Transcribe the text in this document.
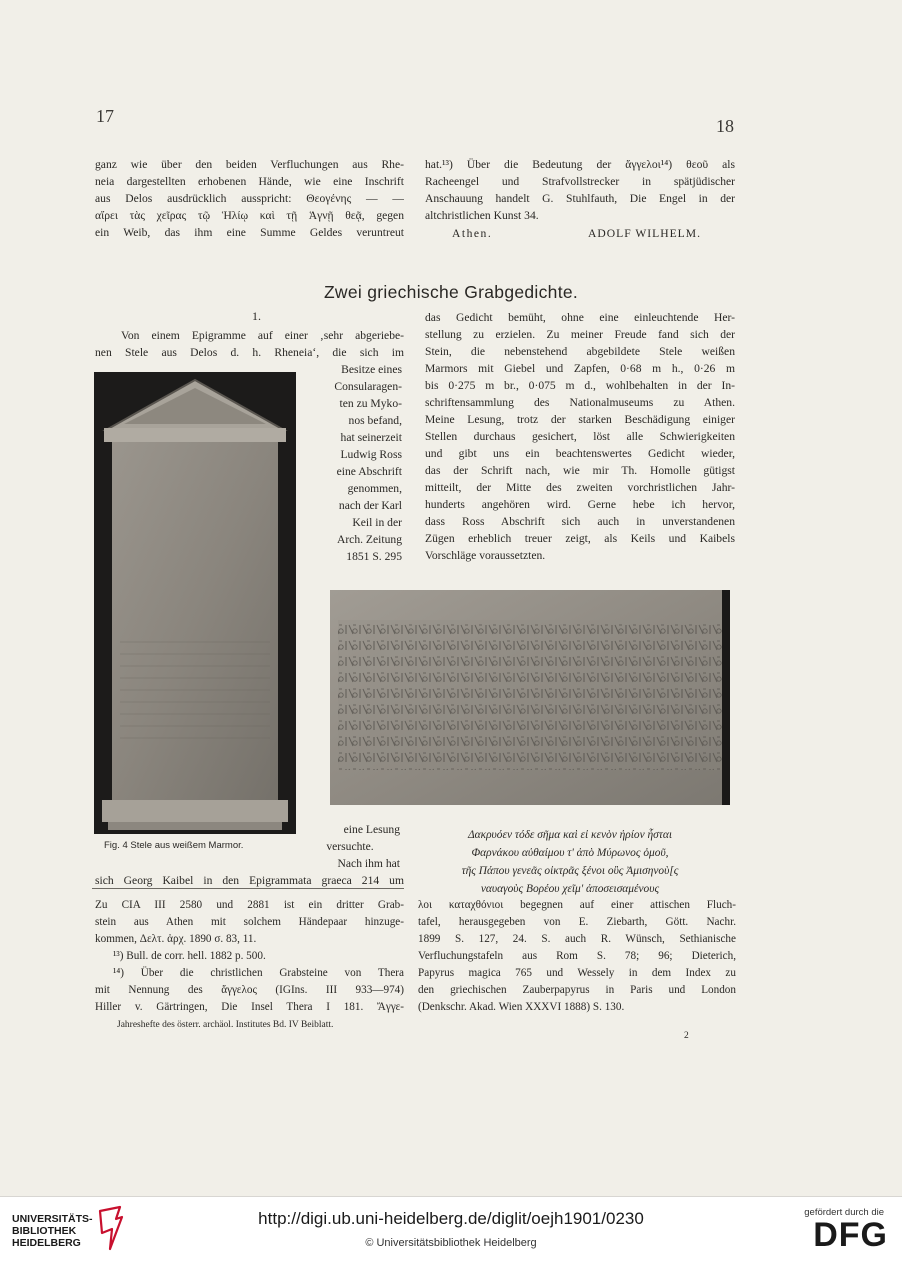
17	18
ganz wie über den beiden Verfluchungen aus Rhe-
neia dargestellten erhobenen Hände, wie eine Inschrift
aus Delos ausdrücklich ausspricht: Θεογένης — —
αἴρει τὰς χεῖρας τῷ Ἡλίῳ καὶ τῇ Ἁγνῇ θεᾷ, gegen
ein Weib, das ihm eine Summe Geldes veruntreut
hat.¹³) Über die Bedeutung der ἄγγελοι¹⁴) θεοῦ als
Racheengel und Strafvollstrecker in spätjüdischer
Anschauung handelt G. Stuhlfauth, Die Engel in der
altchristlichen Kunst 34.
Athen.	ADOLF WILHELM.
Zwei griechische Grabgedichte.
1.
Von einem Epigramme auf einer ‚sehr abgeriebe-
nen Stele aus Delos d. h. Rheneia‘, die sich im
Besitze eines
Consularagen-
ten zu Myko-
nos befand,
hat seinerzeit
Ludwig Ross
eine Abschrift
genommen,
nach der Karl
Keil in der
Arch. Zeitung
1851 S. 295
eine Lesung
versuchte.
Nach ihm hat
Fig. 4 Stele aus weißem Marmor.
sich Georg Kaibel in den Epigrammata graeca 214 um
das Gedicht bemüht, ohne eine einleuchtende Her-
stellung zu erzielen. Zu meiner Freude fand sich der
Stein, die nebenstehend abgebildete Stele weißen
Marmors mit Giebel und Zapfen, 0·68 m h., 0·26 m
bis 0·275 m br., 0·075 m d., wohlbehalten in der In-
schriftensammlung des Nationalmuseums zu Athen.
Meine Lesung, trotz der starken Beschädigung einiger
Stellen durchaus gesichert, löst alle Schwierigkeiten
und gibt uns ein beachtenswertes Gedicht wieder,
das der Schrift nach, wie mir Th. Homolle gütigst
mitteilt, der Mitte des zweiten vorchristlichen Jahr-
hunderts angehören wird. Gerne hebe ich hervor,
dass Ross Abschrift sich auch in unverstandenen
Zügen erheblich treuer zeigt, als Keils und Kaibels
Vorschläge voraussetzten.
Δακρυόεν τόδε σῆμα καὶ εἰ κενὸν ἠρίον ἧσται
Φαρνάκου αὐθαίμου τ' ἀπὸ Μύρωνος ὁμοῦ,
τῆς Πάπου γενεᾶς οἰκτρᾶς ξένοι οὓς Ἀμισηνοὺ[ς
ναυαγοὺς Βορέου χεῖμ' ἀποσεισαμένους
Zu CIA III 2580 und 2881 ist ein dritter Grab-
stein aus Athen mit solchem Händepaar hinzuge-
kommen, Δελτ. ἀρχ. 1890 σ. 83, 11.
¹³) Bull. de corr. hell. 1882 p. 500.
¹⁴) Über die christlichen Grabsteine von Thera
mit Nennung des ἄγγελος (IGIns. III 933—974)
Hiller v. Gärtringen, Die Insel Thera I 181. Ἄγγε-
Jahreshefte des österr. archäol. Institutes Bd. IV Beiblatt.
λοι καταχθόνιοι begegnen auf einer attischen Fluch-
tafel, herausgegeben von E. Ziebarth, Gött. Nachr.
1899 S. 127, 24. S. auch R. Wünsch, Sethianische
Verfluchungstafeln aus Rom S. 78; 96; Dieterich,
Papyrus magica 765 und Wessely in dem Index zu
den griechischen Zauberpapyrus in Paris und London
(Denkschr. Akad. Wien XXXVI 1888) S. 130.
2
UNIVERSITÄTS-
BIBLIOTHEK
HEIDELBERG
http://digi.ub.uni-heidelberg.de/diglit/oejh1901/0230
© Universitätsbibliothek Heidelberg
gefördert durch die
DFG
